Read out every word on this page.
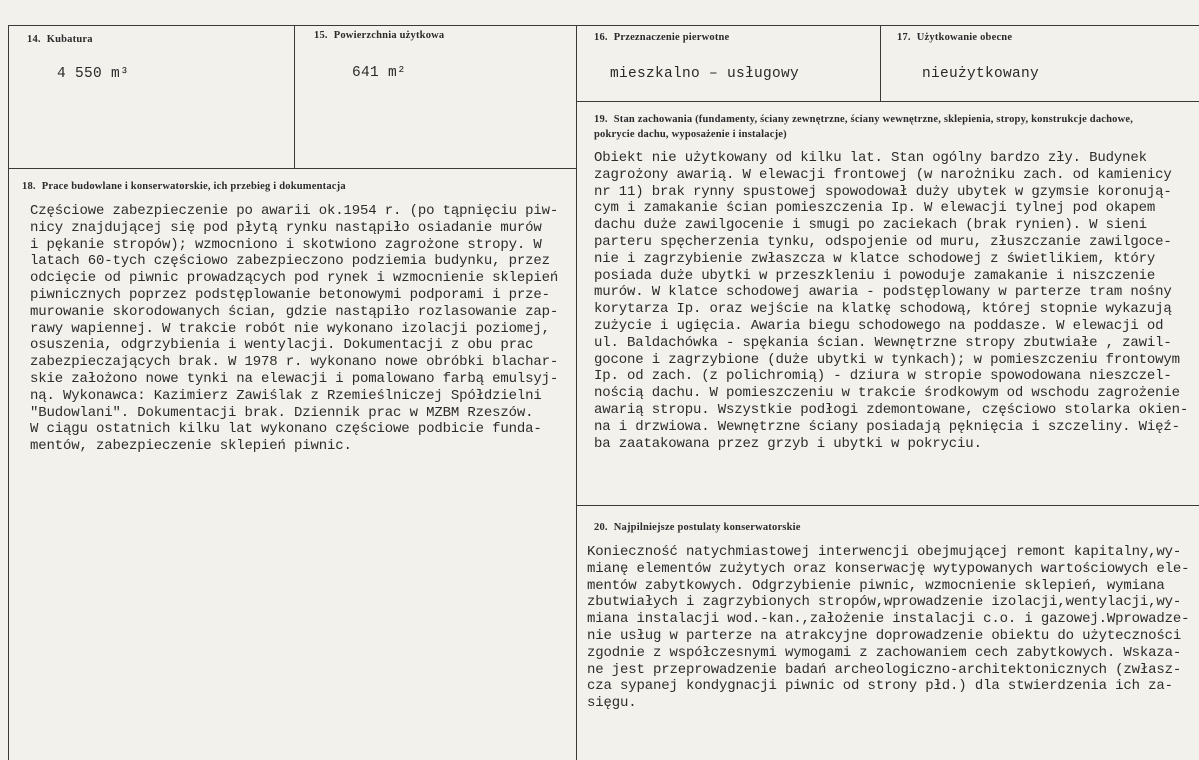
14. Kubatura
4 550 m³
15. Powierzchnia użytkowa
641 m²
16. Przeznaczenie pierwotne
mieszkalno – usługowy
17. Użytkowanie obecne
nieużytkowany
19. Stan zachowania (fundamenty, ściany zewnętrzne, ściany wewnętrzne, sklepienia, stropy, konstrukcje dachowe, pokrycie dachu, wyposażenie i instalacje)
Obiekt nie użytkowany od kilku lat. Stan ogólny bardzo zły. Budynek
zagrożony awarią. W elewacji frontowej (w narożniku zach. od kamienicy
nr 11) brak rynny spustowej spowodował duży ubytek w gzymsie koronują-
cym i zamakanie ścian pomieszczenia Ip. W elewacji tylnej pod okapem
dachu duże zawilgocenie i smugi po zaciekach (brak rynien). W sieni
parteru spęcherzenia tynku, odspojenie od muru, złuszczanie zawilgoce-
nie i zagrzybienie zwłaszcza w klatce schodowej z świetlikiem, który
posiada duże ubytki w przeszkleniu i powoduje zamakanie i niszczenie
murów. W klatce schodowej awaria - podstęplowany w parterze tram nośny
korytarza Ip. oraz wejście na klatkę schodową, której stopnie wykazują
zużycie i ugięcia. Awaria biegu schodowego na poddasze. W elewacji od
ul. Baldachówka - spękania ścian. Wewnętrzne stropy zbutwiałe , zawil-
gocone i zagrzybione (duże ubytki w tynkach); w pomieszczeniu frontowym
Ip. od zach. (z polichromią) - dziura w stropie spowodowana nieszczel-
nością dachu. W pomieszczeniu w trakcie środkowym od wschodu zagrożenie
awarią stropu. Wszystkie podłogi zdemontowane, częściowo stolarka okien-
na i drzwiowa. Wewnętrzne ściany posiadają pęknięcia i szczeliny. Więź-
ba zaatakowana przez grzyb i ubytki w pokryciu.
18. Prace budowlane i konserwatorskie, ich przebieg i dokumentacja
Częściowe zabezpieczenie po awarii ok.1954 r. (po tąpnięciu piw-
nicy znajdującej się pod płytą rynku nastąpiło osiadanie murów
i pękanie stropów); wzmocniono i skotwiono zagrożone stropy. W
latach 60-tych częściowo zabezpieczono podziemia budynku, przez
odcięcie od piwnic prowadzących pod rynek i wzmocnienie sklepień
piwnicznych poprzez podstęplowanie betonowymi podporami i prze-
murowanie skorodowanych ścian, gdzie nastąpiło rozlasowanie zap-
rawy wapiennej. W trakcie robót nie wykonano izolacji poziomej,
osuszenia, odgrzybienia i wentylacji. Dokumentacji z obu prac
zabezpieczających brak. W 1978 r. wykonano nowe obróbki blachar-
skie założono nowe tynki na elewacji i pomalowano farbą emulsyj-
ną. Wykonawca: Kazimierz Zawiślak z Rzemieślniczej Spółdzielni
"Budowlani". Dokumentacji brak. Dziennik prac w MZBM Rzeszów.
W ciągu ostatnich kilku lat wykonano częściowe podbicie funda-
mentów, zabezpieczenie sklepień piwnic.
20. Najpilniejsze postulaty konserwatorskie
Konieczność natychmiastowej interwencji obejmującej remont kapitalny,wy-
mianę elementów zużytych oraz konserwację wytypowanych wartościowych ele-
mentów zabytkowych. Odgrzybienie piwnic, wzmocnienie sklepień, wymiana
zbutwiałych i zagrzybionych stropów,wprowadzenie izolacji,wentylacji,wy-
miana instalacji wod.-kan.,założenie instalacji c.o. i gazowej.Wprowadze-
nie usług w parterze na atrakcyjne doprowadzenie obiektu do użyteczności
zgodnie z współczesnymi wymogami z zachowaniem cech zabytkowych. Wskaza-
ne jest przeprowadzenie badań archeologiczno-architektonicznych (zwłasz-
cza sypanej kondygnacji piwnic od strony płd.) dla stwierdzenia ich za-
sięgu.
